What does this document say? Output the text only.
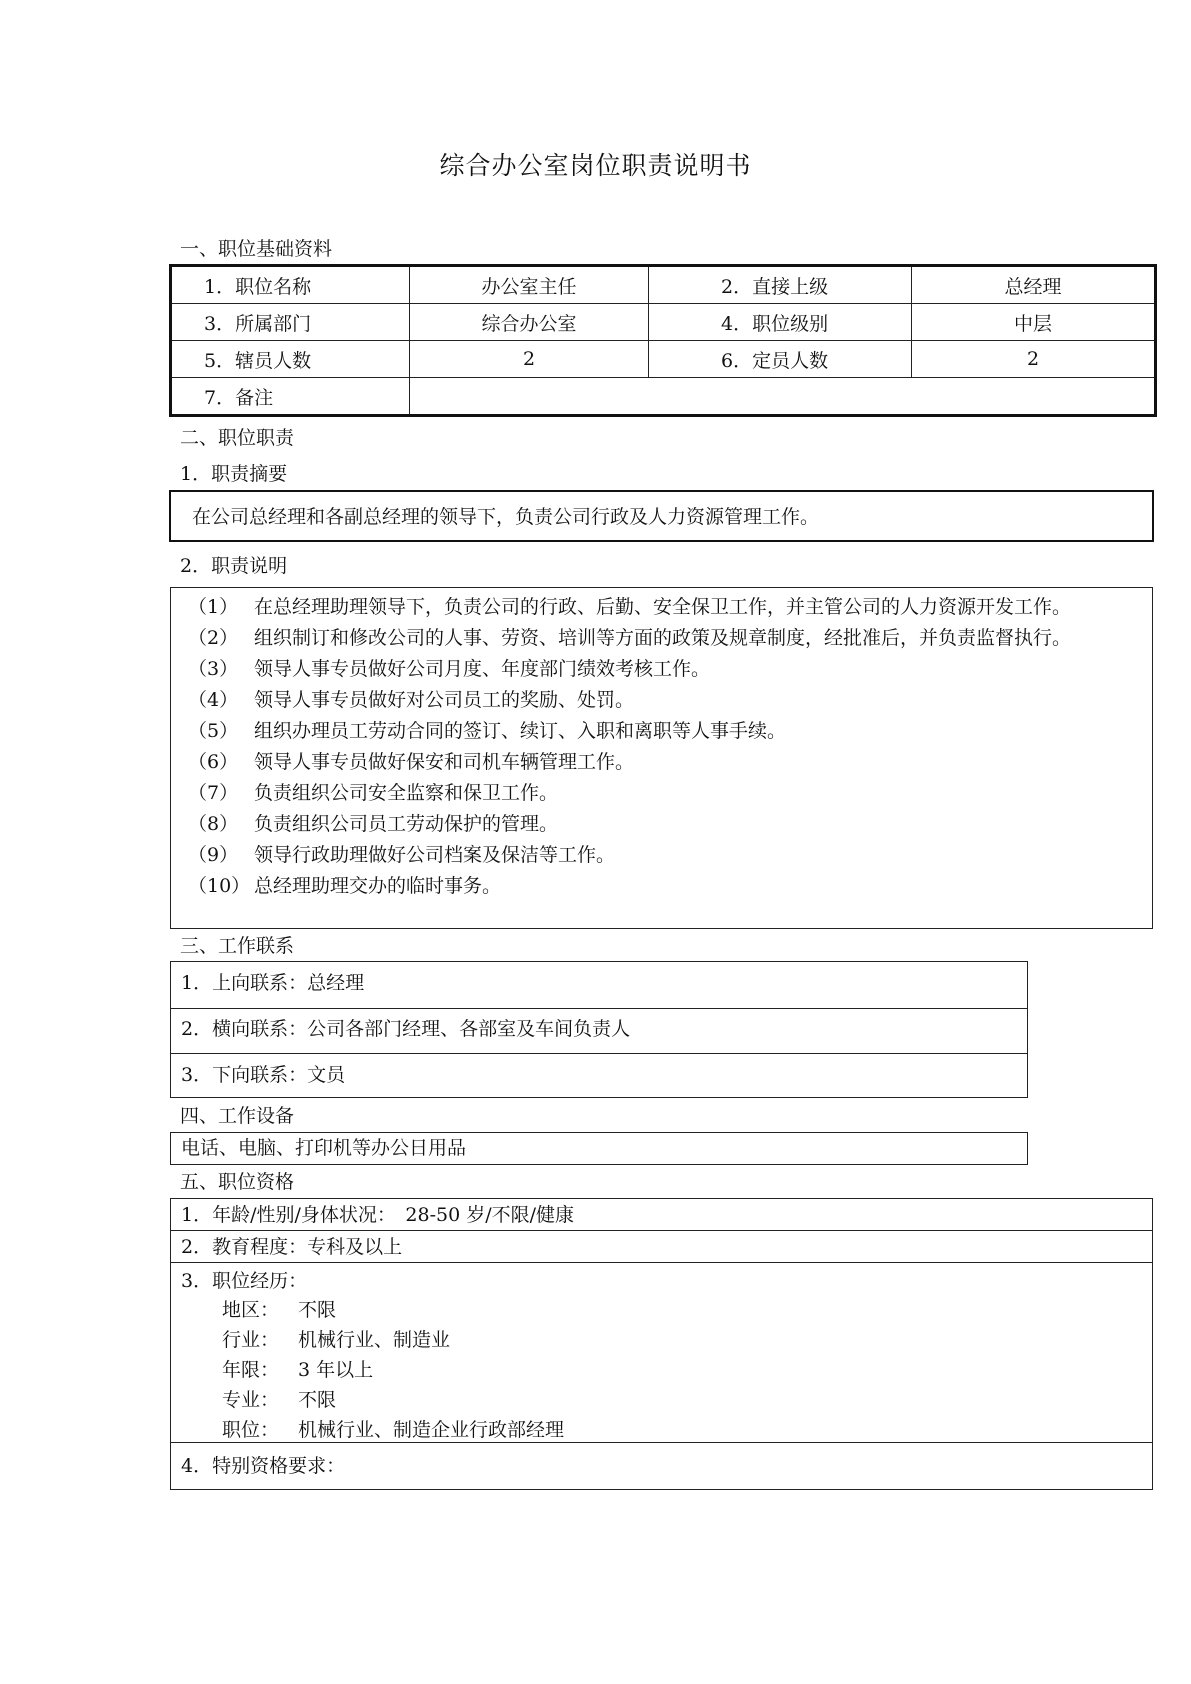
综合办公室岗位职责说明书
一、职位基础资料
1．职位名称	办公室主任	2．直接上级	总经理
3．所属部门	综合办公室	4．职位级别	中层
5．辖员人数	2	6．定员人数	2
7．备注			
二、职位职责
1．职责摘要
在公司总经理和各副总经理的领导下，负责公司行政及人力资源管理工作。
2．职责说明
（1） 在总经理助理领导下，负责公司的行政、后勤、安全保卫工作，并主管公司的人力资源开发工作。
（2） 组织制订和修改公司的人事、劳资、培训等方面的政策及规章制度，经批准后，并负责监督执行。
（3） 领导人事专员做好公司月度、年度部门绩效考核工作。
（4） 领导人事专员做好对公司员工的奖励、处罚。
（5） 组织办理员工劳动合同的签订、续订、入职和离职等人事手续。
（6） 领导人事专员做好保安和司机车辆管理工作。
（7） 负责组织公司安全监察和保卫工作。
（8） 负责组织公司员工劳动保护的管理。
（9） 领导行政助理做好公司档案及保洁等工作。
（10） 总经理助理交办的临时事务。
三、工作联系
1．上向联系：总经理
2．横向联系：公司各部门经理、各部室及车间负责人
3．下向联系：文员
四、工作设备
电话、电脑、打印机等办公日用品
五、职位资格
1．年龄/性别/身体状况：　28-50 岁/不限/健康
2．教育程度：专科及以上
3．职位经历：
4．特别资格要求：
地区： 不限
行业： 机械行业、制造业
年限： 3 年以上
专业： 不限
职位： 机械行业、制造企业行政部经理
